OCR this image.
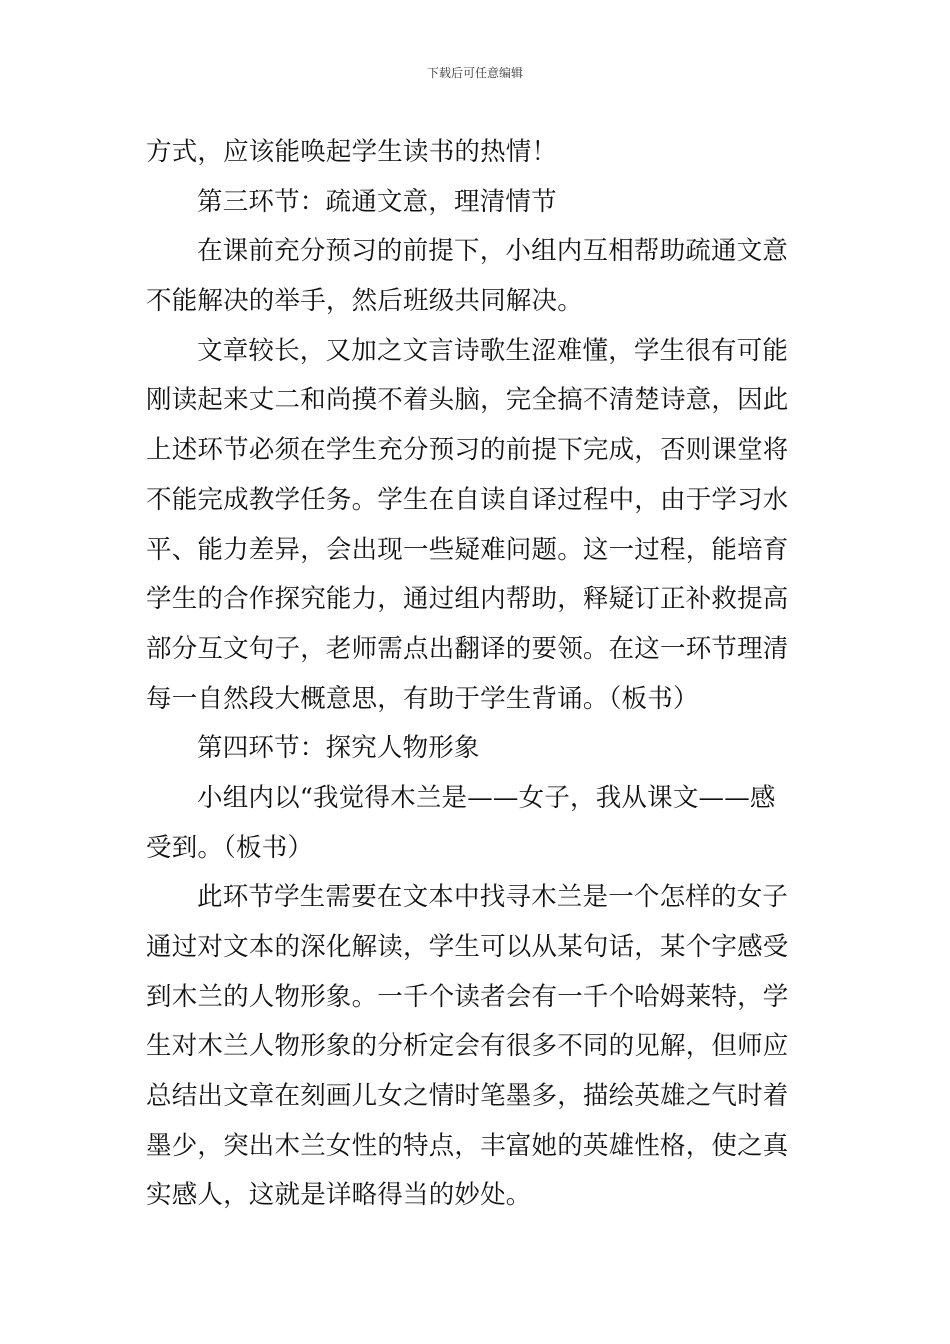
下载后可任意编辑
方式，应该能唤起学生读书的热情！
第三环节：疏通文意，理清情节
在课前充分预习的前提下，小组内互相帮助疏通文意
不能解决的举手，然后班级共同解决。
文章较长，又加之文言诗歌生涩难懂，学生很有可能
刚读起来丈二和尚摸不着头脑，完全搞不清楚诗意，因此
上述环节必须在学生充分预习的前提下完成，否则课堂将
不能完成教学任务。学生在自读自译过程中，由于学习水
平、能力差异，会出现一些疑难问题。这一过程，能培育
学生的合作探究能力，通过组内帮助，释疑订正补救提高
部分互文句子，老师需点出翻译的要领。在这一环节理清
每一自然段大概意思，有助于学生背诵。（板书）
第四环节：探究人物形象
小组内以“我觉得木兰是——女子，我从课文——感
受到。（板书）
此环节学生需要在文本中找寻木兰是一个怎样的女子
通过对文本的深化解读，学生可以从某句话，某个字感受
到木兰的人物形象。一千个读者会有一千个哈姆莱特，学
生对木兰人物形象的分析定会有很多不同的见解，但师应
总结出文章在刻画儿女之情时笔墨多，描绘英雄之气时着
墨少，突出木兰女性的特点，丰富她的英雄性格，使之真
实感人，这就是详略得当的妙处。
